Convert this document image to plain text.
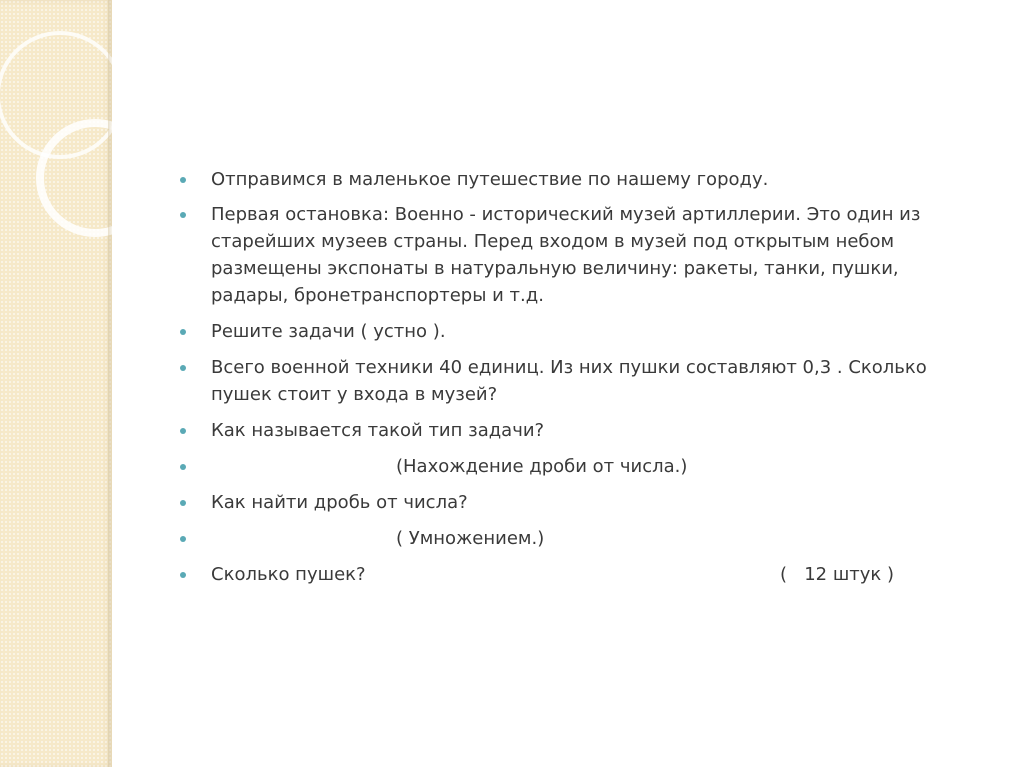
Отправимся в маленькое путешествие по нашему городу.
Первая остановка: Военно - исторический музей артиллерии. Это один из старейших музеев страны. Перед входом в музей под открытым небом размещены экспонаты в натуральную величину: ракеты, танки, пушки, радары, бронетранспортеры и т.д.
Решите задачи ( устно ).
Всего военной техники 40 единиц. Из них пушки составляют 0,3 . Сколько пушек стоит у входа в музей?
Как называется такой тип задачи?
(Нахождение дроби от числа.)
Как найти дробь от числа?
( Умножением.)
Сколько пушек?	(   12 штук )
